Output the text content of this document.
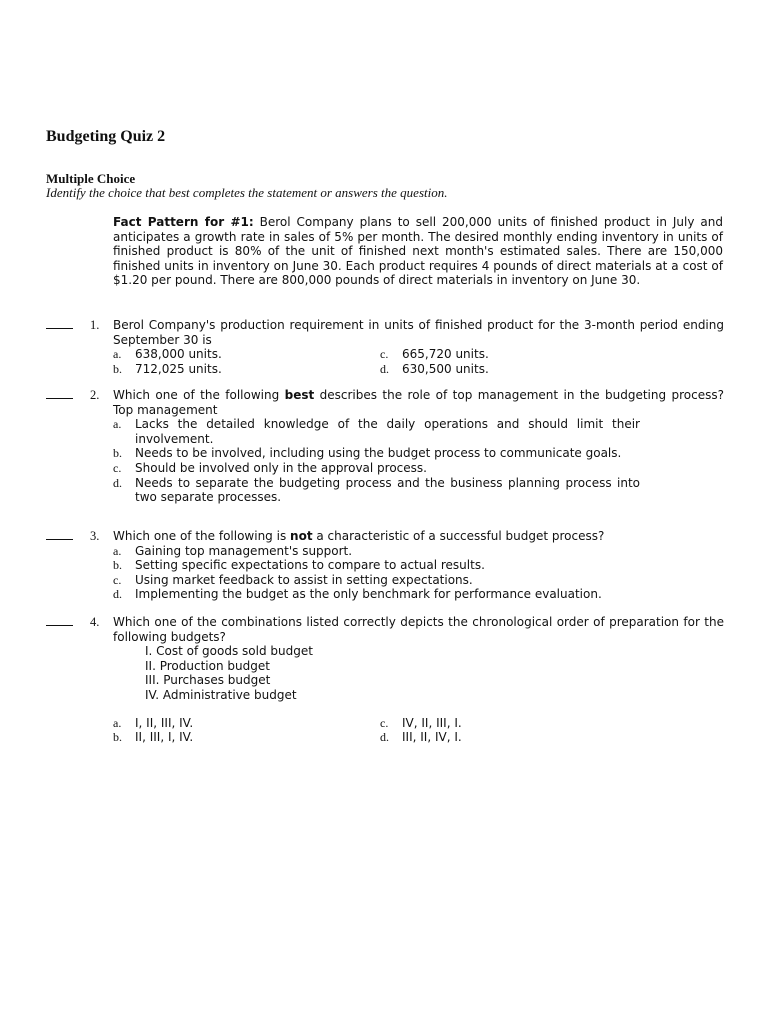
Budgeting Quiz 2
Multiple Choice
Identify the choice that best completes the statement or answers the question.
Fact Pattern for #1: Berol Company plans to sell 200,000 units of finished product in July and anticipates a growth rate in sales of 5% per month. The desired monthly ending inventory in units of finished product is 80% of the unit of finished next month's estimated sales. There are 150,000 finished units in inventory on June 30. Each product requires 4 pounds of direct materials at a cost of $1.20 per pound. There are 800,000 pounds of direct materials in inventory on June 30.
1. Berol Company's production requirement in units of finished product for the 3-month period ending September 30 is
a. 638,000 units.
b. 712,025 units.
c. 665,720 units.
d. 630,500 units.
2. Which one of the following best describes the role of top management in the budgeting process? Top management
a. Lacks the detailed knowledge of the daily operations and should limit their involvement.
b. Needs to be involved, including using the budget process to communicate goals.
c. Should be involved only in the approval process.
d. Needs to separate the budgeting process and the business planning process into two separate processes.
3. Which one of the following is not a characteristic of a successful budget process?
a. Gaining top management's support.
b. Setting specific expectations to compare to actual results.
c. Using market feedback to assist in setting expectations.
d. Implementing the budget as the only benchmark for performance evaluation.
4. Which one of the combinations listed correctly depicts the chronological order of preparation for the following budgets?
I. Cost of goods sold budget
II. Production budget
III. Purchases budget
IV. Administrative budget
a. I, II, III, IV.
b. II, III, I, IV.
c. IV, II, III, I.
d. III, II, IV, I.
